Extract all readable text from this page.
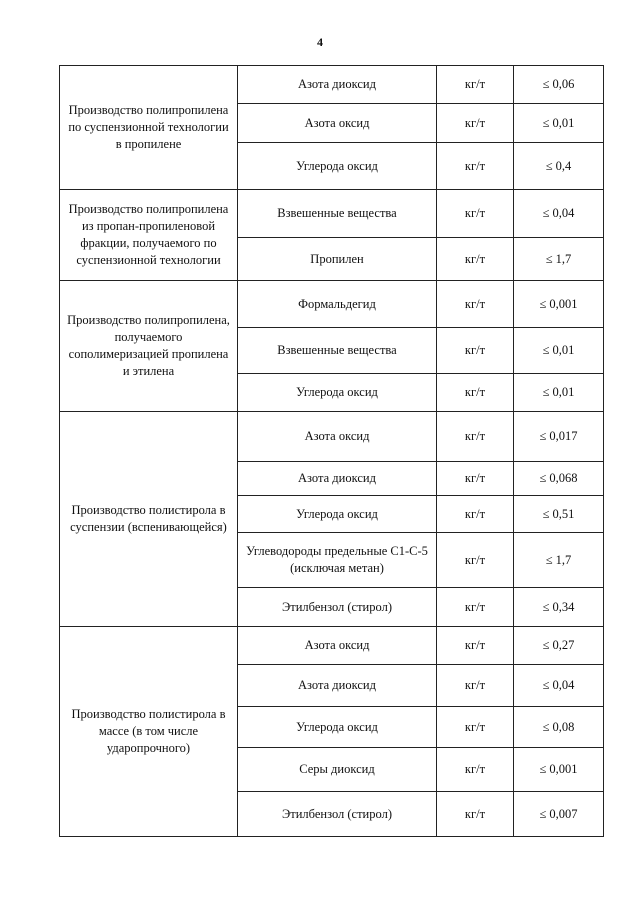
4
Производство полипропилена по суспензионной технологии в пропилене	Азота диоксид	кг/т	≤ 0,06
	Азота оксид	кг/т	≤ 0,01
	Углерода оксид	кг/т	≤ 0,4
Производство полипропилена из пропан-пропиленовой фракции, получаемого по суспензионной технологии	Взвешенные вещества	кг/т	≤ 0,04
	Пропилен	кг/т	≤ 1,7
Производство полипропилена, получаемого сополимеризацией пропилена и этилена	Формальдегид	кг/т	≤ 0,001
	Взвешенные вещества	кг/т	≤ 0,01
	Углерода оксид	кг/т	≤ 0,01
Производство полистирола в суспензии (вспенивающейся)	Азота оксид	кг/т	≤ 0,017
	Азота диоксид	кг/т	≤ 0,068
	Углерода оксид	кг/т	≤ 0,51
	Углеводороды предельные С1-С-5 (исключая метан)	кг/т	≤ 1,7
	Этилбензол (стирол)	кг/т	≤ 0,34
Производство полистирола в массе (в том числе ударопрочного)	Азота оксид	кг/т	≤ 0,27
	Азота диоксид	кг/т	≤ 0,04
	Углерода оксид	кг/т	≤ 0,08
	Серы диоксид	кг/т	≤ 0,001
	Этилбензол (стирол)	кг/т	≤ 0,007
